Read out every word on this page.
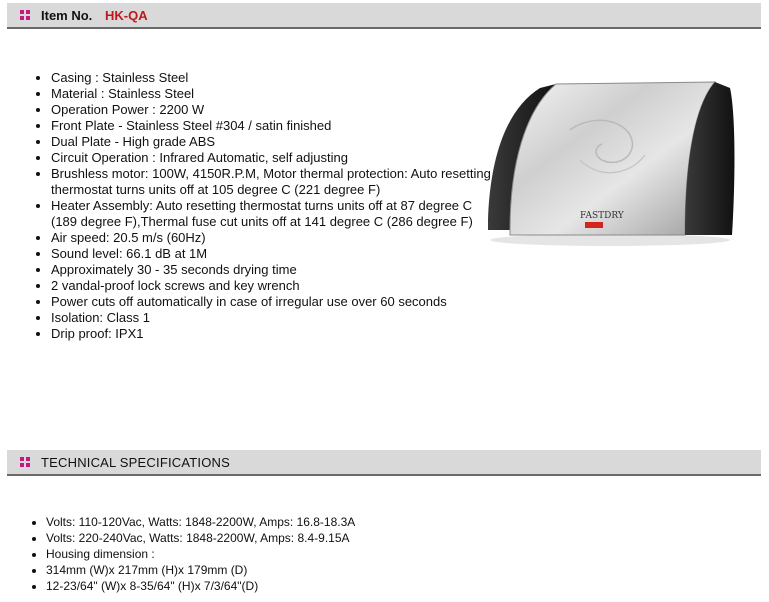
Item No. HK-QA
• Casing : Stainless Steel
• Material : Stainless Steel
• Operation Power : 2200 W
• Front Plate - Stainless Steel #304 / satin finished
• Dual Plate - High grade ABS
• Circuit Operation : Infrared Automatic, self adjusting
• Brushless motor: 100W, 4150R.P.M, Motor thermal protection: Auto resetting thermostat turns units off at 105 degree C (221 degree F)
• Heater Assembly: Auto resetting thermostat turns units off at 87 degree C (189 degree F),Thermal fuse cut units off at 141 degree C (286 degree F)
• Air speed: 20.5 m/s (60Hz)
• Sound level: 66.1 dB at 1M
• Approximately 30 - 35 seconds drying time
• 2 vandal-proof lock screws and key wrench
• Power cuts off automatically in case of irregular use over 60 seconds
• Isolation: Class 1
• Drip proof: IPX1
FASTDRY
TECHNICAL SPECIFICATIONS
• Volts: 110-120Vac, Watts: 1848-2200W, Amps: 16.8-18.3A
• Volts: 220-240Vac, Watts: 1848-2200W, Amps: 8.4-9.15A
• Housing dimension :
• 314mm (W)x 217mm (H)x 179mm (D)
• 12-23/64" (W)x 8-35/64" (H)x 7/3/64"(D)
